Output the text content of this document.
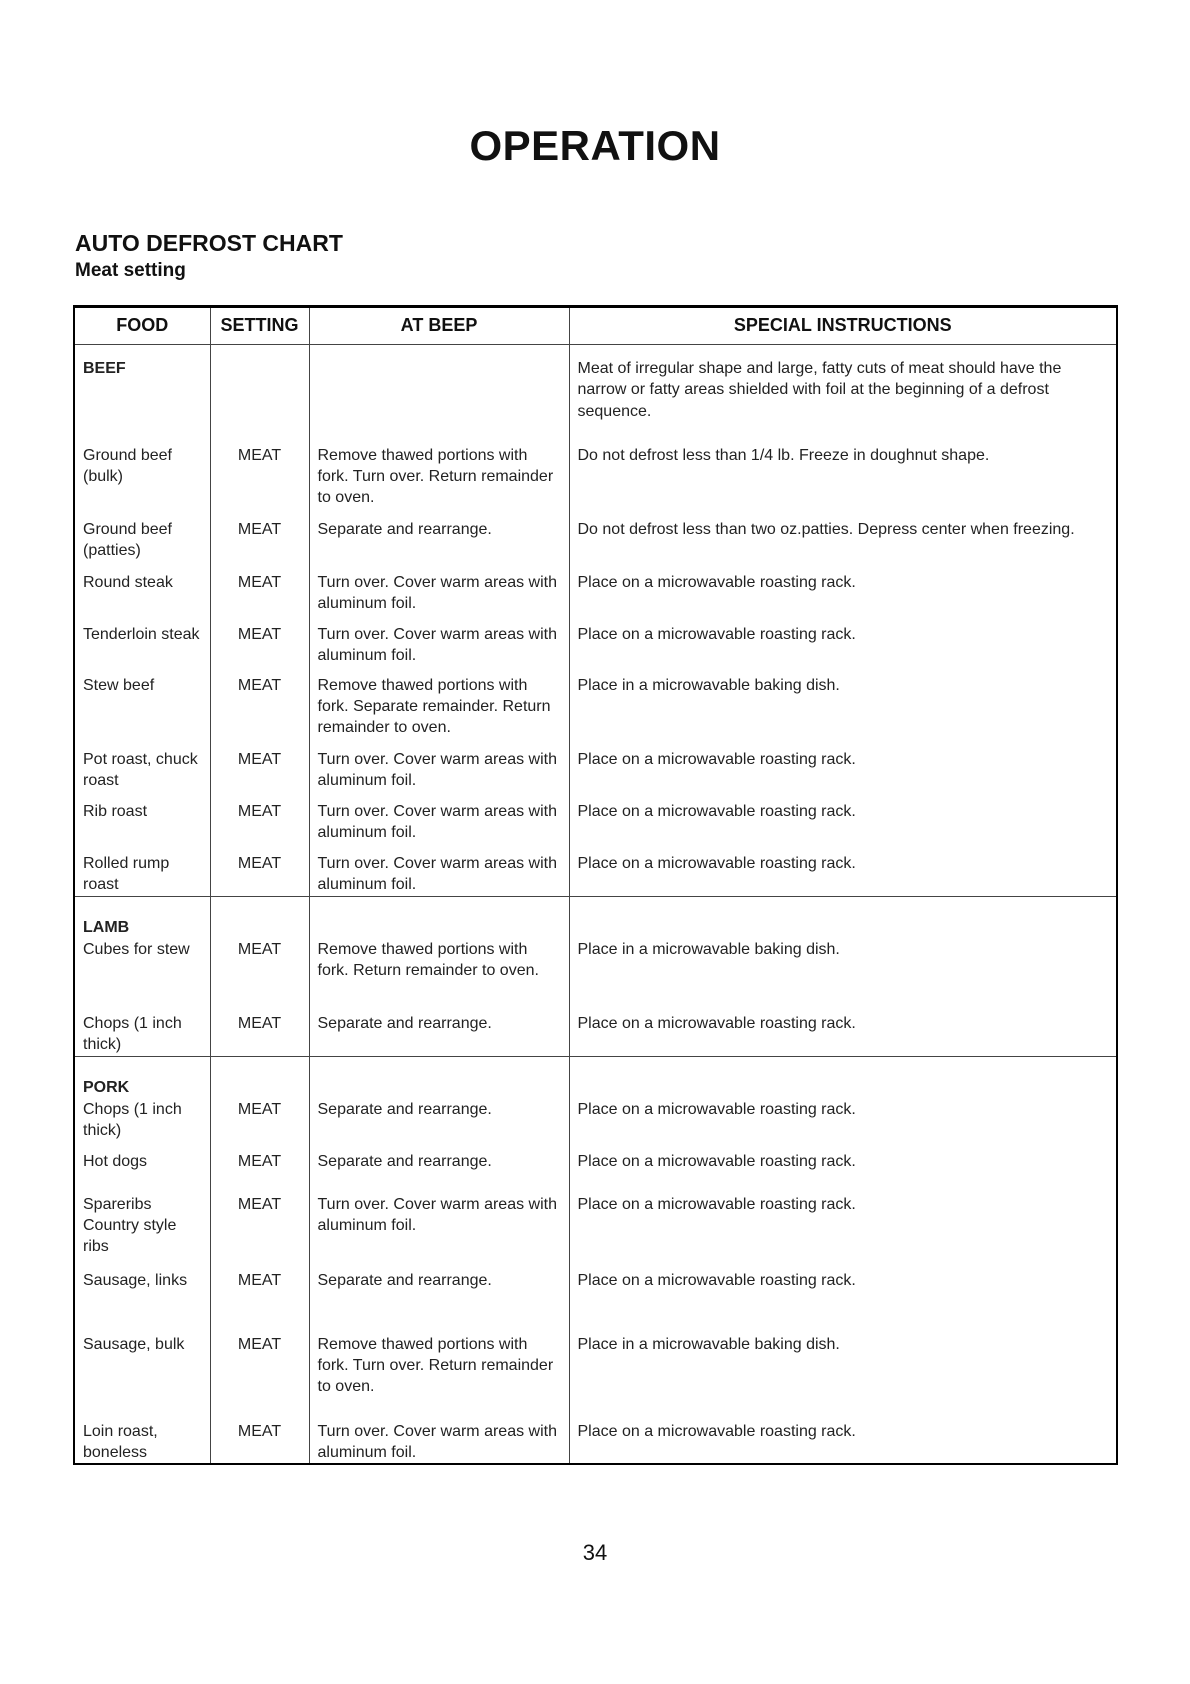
OPERATION
AUTO DEFROST CHART
Meat setting
FOOD	SETTING	AT BEEP	SPECIAL INSTRUCTIONS
BEEF			Meat of irregular shape and large, fatty cuts of meat should have the narrow or fatty areas shielded with foil at the beginning of a defrost sequence.
Ground beef (bulk)	MEAT	Remove thawed portions with fork. Turn over. Return remainder to oven.	Do not defrost less than 1/4 lb. Freeze in doughnut shape.
Ground beef (patties)	MEAT	Separate and rearrange.	Do not defrost less than two oz.patties. Depress center when freezing.
Round steak	MEAT	Turn over. Cover warm areas with aluminum foil.	Place on a microwavable roasting rack.
Tenderloin steak	MEAT	Turn over. Cover warm areas with aluminum foil.	Place on a microwavable roasting rack.
Stew beef	MEAT	Remove thawed portions with fork. Separate remainder. Return remainder to oven.	Place in a microwavable baking dish.
Pot roast, chuck roast	MEAT	Turn over. Cover warm areas with aluminum foil.	Place on a microwavable roasting rack.
Rib roast	MEAT	Turn over. Cover warm areas with aluminum foil.	Place on a microwavable roasting rack.
Rolled rump roast	MEAT	Turn over. Cover warm areas with aluminum foil.	Place on a microwavable roasting rack.
LAMB			
Cubes for stew	MEAT	Remove thawed portions with fork. Return remainder to oven.	Place in a microwavable baking dish.
Chops (1 inch thick)	MEAT	Separate and rearrange.	Place on a microwavable roasting rack.
PORK			
Chops (1 inch thick)	MEAT	Separate and rearrange.	Place on a microwavable roasting rack.
Hot dogs	MEAT	Separate and rearrange.	Place on a microwavable roasting rack.
Spareribs Country style ribs	MEAT	Turn over. Cover warm areas with aluminum foil.	Place on a microwavable roasting rack.
Sausage, links	MEAT	Separate and rearrange.	Place on a microwavable roasting rack.
Sausage, bulk	MEAT	Remove thawed portions with fork. Turn over. Return remainder to oven.	Place in a microwavable baking dish.
Loin roast, boneless	MEAT	Turn over. Cover warm areas with aluminum foil.	Place on a microwavable roasting rack.
34
